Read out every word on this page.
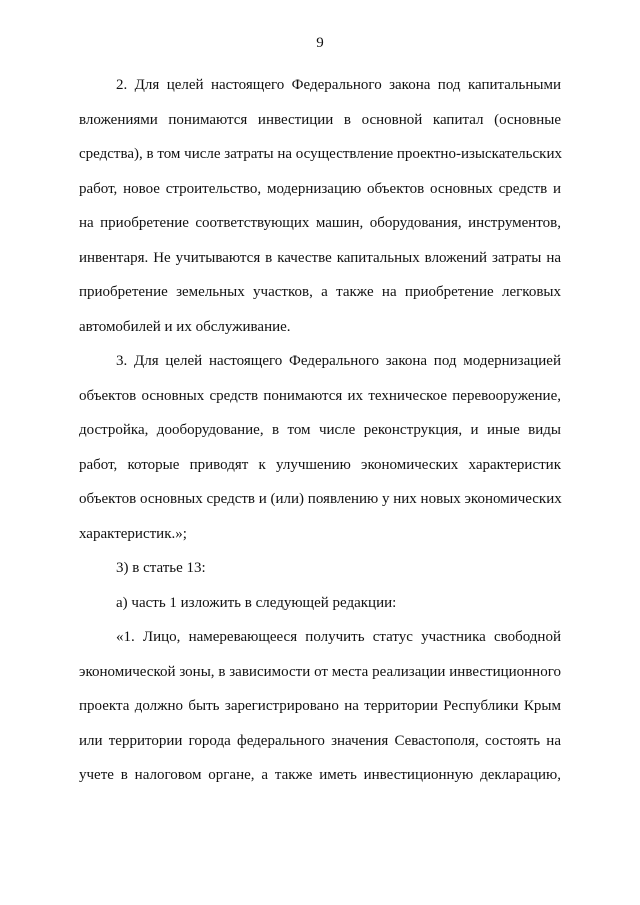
9
2. Для целей настоящего Федерального закона под капитальными
вложениями понимаются инвестиции в основной капитал (основные
средства), в том числе затраты на осуществление проектно-изыскательских
работ, новое строительство, модернизацию объектов основных средств и
на приобретение соответствующих машин, оборудования, инструментов,
инвентаря. Не учитываются в качестве капитальных вложений затраты на
приобретение земельных участков, а также на приобретение легковых
автомобилей и их обслуживание.
3. Для целей настоящего Федерального закона под модернизацией
объектов основных средств понимаются их техническое перевооружение,
достройка, дооборудование, в том числе реконструкция, и иные виды
работ, которые приводят к улучшению экономических характеристик
объектов основных средств и (или) появлению у них новых экономических
характеристик.»;
3) в статье 13:
а) часть 1 изложить в следующей редакции:
«1. Лицо, намеревающееся получить статус участника свободной
экономической зоны, в зависимости от места реализации инвестиционного
проекта должно быть зарегистрировано на территории Республики Крым
или территории города федерального значения Севастополя, состоять на
учете в налоговом органе, а также иметь инвестиционную декларацию,
